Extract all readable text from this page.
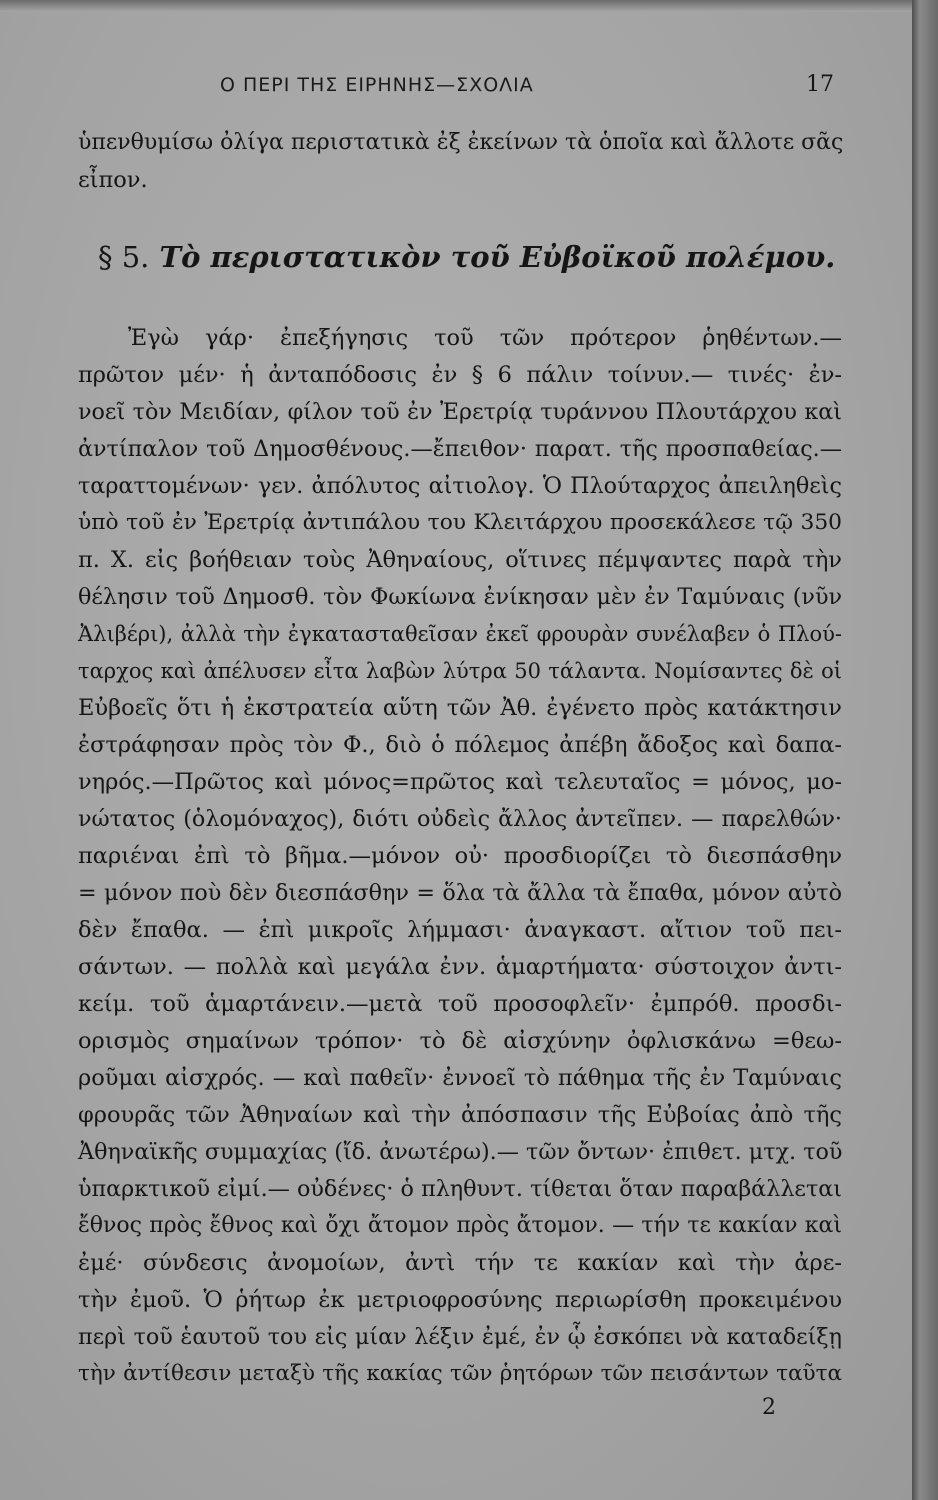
Ο ΠΕΡΙ ΤΗΣ ΕΙΡΗΝΗΣ—ΣΧΟΛΙΑ	17
ὑπενθυμίσω ὀλίγα περιστατικὰ ἐξ ἐκείνων τὰ ὁποῖα καὶ ἄλλοτε σᾶς
εἶπον.
§ 5. Τὸ περιστατικὸν τοῦ Εὐβοϊκοῦ πολέμου.
Ἐγὼ γάρ· ἐπεξήγησις τοῦ τῶν πρότερον ῥηθέντων.—
πρῶτον μέν· ἡ ἀνταπόδοσις ἐν § 6 πάλιν τοίνυν.— τινές· ἐν-
νοεῖ τὸν Μειδίαν, φίλον τοῦ ἐν Ἐρετρίᾳ τυράννου Πλουτάρχου καὶ
ἀντίπαλον τοῦ Δημοσθένους.—ἔπειθον· παρατ. τῆς προσπαθείας.—
ταραττομένων· γεν. ἀπόλυτος αἰτιολογ. Ὁ Πλούταρχος ἀπειληθεὶς
ὑπὸ τοῦ ἐν Ἐρετρίᾳ ἀντιπάλου του Κλειτάρχου προσεκάλεσε τῷ 350
π. Χ. εἰς βοήθειαν τοὺς Ἀθηναίους, οἵτινες πέμψαντες παρὰ τὴν
θέλησιν τοῦ Δημοσθ. τὸν Φωκίωνα ἐνίκησαν μὲν ἐν Ταμύναις (νῦν
Ἀλιβέρι), ἀλλὰ τὴν ἐγκατασταθεῖσαν ἐκεῖ φρουρὰν συνέλαβεν ὁ Πλού-
ταρχος καὶ ἀπέλυσεν εἶτα λαβὼν λύτρα 50 τάλαντα. Νομίσαντες δὲ οἱ
Εὐβοεῖς ὅτι ἡ ἐκστρατεία αὕτη τῶν Ἀθ. ἐγένετο πρὸς κατάκτησιν
ἐστράφησαν πρὸς τὸν Φ., διὸ ὁ πόλεμος ἀπέβη ἄδοξος καὶ δαπα-
νηρός.—Πρῶτος καὶ μόνος=πρῶτος καὶ τελευταῖος = μόνος, μο-
νώτατος (ὁλομόναχος), διότι οὐδεὶς ἄλλος ἀντεῖπεν. — παρελθών·
παριέναι ἐπὶ τὸ βῆμα.—μόνον οὐ· προσδιορίζει τὸ διεσπάσθην
= μόνον ποὺ δὲν διεσπάσθην = ὅλα τὰ ἄλλα τὰ ἔπαθα, μόνον αὐτὸ
δὲν ἔπαθα. — ἐπὶ μικροῖς λήμμασι· ἀναγκαστ. αἴτιον τοῦ πει-
σάντων. — πολλὰ καὶ μεγάλα ἐνν. ἁμαρτήματα· σύστοιχον ἀντι-
κείμ. τοῦ ἁμαρτάνειν.—μετὰ τοῦ προσοφλεῖν· ἐμπρόθ. προσδι-
ορισμὸς σημαίνων τρόπον· τὸ δὲ αἰσχύνην ὀφλισκάνω =θεω-
ροῦμαι αἰσχρός. — καὶ παθεῖν· ἐννοεῖ τὸ πάθημα τῆς ἐν Ταμύναις
φρουρᾶς τῶν Ἀθηναίων καὶ τὴν ἀπόσπασιν τῆς Εὐβοίας ἀπὸ τῆς
Ἀθηναϊκῆς συμμαχίας (ἴδ. ἀνωτέρω).— τῶν ὄντων· ἐπιθετ. μτχ. τοῦ
ὑπαρκτικοῦ εἰμί.— οὐδένες· ὁ πληθυντ. τίθεται ὅταν παραβάλλεται
ἔθνος πρὸς ἔθνος καὶ ὄχι ἄτομον πρὸς ἄτομον. — τήν τε κακίαν καὶ
ἐμέ· σύνδεσις ἀνομοίων, ἀντὶ τήν τε κακίαν καὶ τὴν ἀρε-
τὴν ἐμοῦ. Ὁ ῥήτωρ ἐκ μετριοφροσύνης περιωρίσθη προκειμένου
περὶ τοῦ ἑαυτοῦ του εἰς μίαν λέξιν ἐμέ, ἐν ᾧ ἐσκόπει νὰ καταδείξῃ
τὴν ἀντίθεσιν μεταξὺ τῆς κακίας τῶν ῥητόρων τῶν πεισάντων ταῦτα
2
